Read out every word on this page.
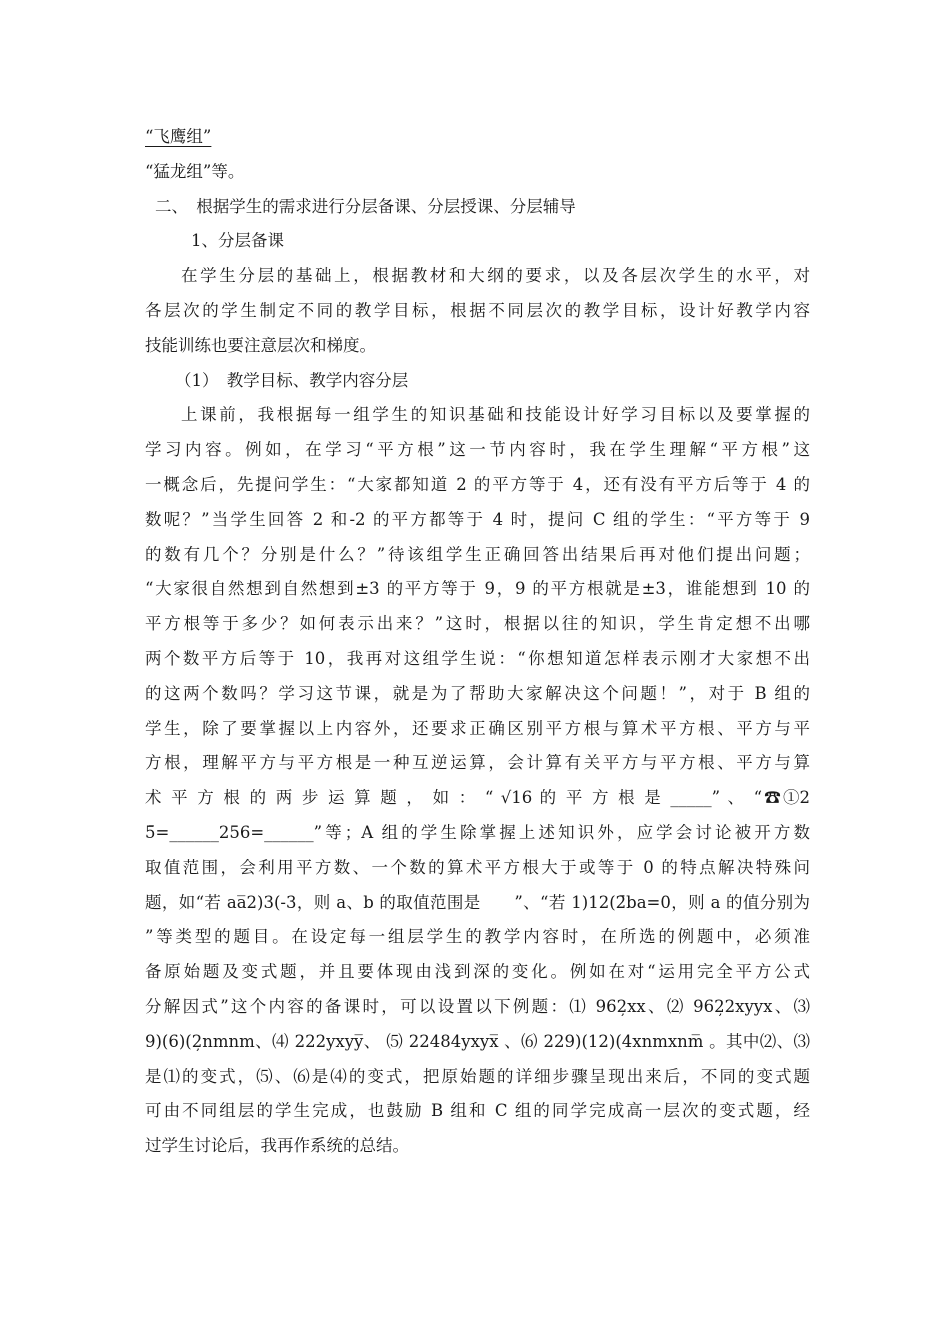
“飞鹰组”
“猛龙组”等。
二、　根据学生的需求进行分层备课、分层授课、分层辅导
1、分层备课
在学生分层的基础上，根据教材和大纲的要求，以及各层次学生的水平，对
各层次的学生制定不同的教学目标，根据不同层次的教学目标，设计好教学内容
技能训练也要注意层次和梯度。
（1）　教学目标、教学内容分层
上课前，我根据每一组学生的知识基础和技能设计好学习目标以及要掌握的
学习内容。例如，在学习“平方根”这一节内容时，我在学生理解“平方根”这
一概念后，先提问学生：“大家都知道 2 的平方等于 4，还有没有平方后等于 4 的
数呢？”当学生回答 2 和-2 的平方都等于 4 时，提问 C 组的学生：“平方等于 9
的数有几个？分别是什么？”待该组学生正确回答出结果后再对他们提出问题；
“大家很自然想到自然想到±3 的平方等于 9，9 的平方根就是±3，谁能想到 10 的
平方根等于多少？如何表示出来？”这时，根据以往的知识，学生肯定想不出哪
两个数平方后等于 10，我再对这组学生说：“你想知道怎样表示刚才大家想不出
的这两个数吗？学习这节课，就是为了帮助大家解决这个问题！”，对于 B 组的
学生，除了要掌握以上内容外，还要求正确区别平方根与算术平方根、平方与平
方根，理解平方与平方根是一种互逆运算，会计算有关平方与平方根、平方与算
术 平 方 根 的 两 步 运 算 题 ， 如 ： “ √16 的 平 方 根 是 _____” 、 “☎➀2
5̄=______256=______”等；A 组的学生除掌握上述知识外，应学会讨论被开方数
取值范围，会利用平方数、一个数的算术平方根大于或等于 0 的特点解决特殊问
题，如“若 aa̅2)3(-3，则 a、b 的取值范围是　　”、“若 1)12(2̄ba=0，则 a 的值分别为
”等类型的题目。在设定每一组层学生的教学内容时，在所选的例题中，必须准
备原始题及变式题，并且要体现由浅到深的变化。例如在对“运用完全平方公式
分解因式”这个内容的备课时，可以设置以下例题：⑴ 962̦xx、⑵ 962̦2xyyx、⑶
9)(6)(2̦nmnm、⑷ 222yxyy̅、 ⑸ 22484yxyx̅ 、⑹ 229)(12)(4xnmxnm̅ 。其中⑵、⑶
是⑴的变式，⑸、⑹是⑷的变式，把原始题的详细步骤呈现出来后，不同的变式题
可由不同组层的学生完成，也鼓励 B 组和 C 组的同学完成高一层次的变式题，经
过学生讨论后，我再作系统的总结。
